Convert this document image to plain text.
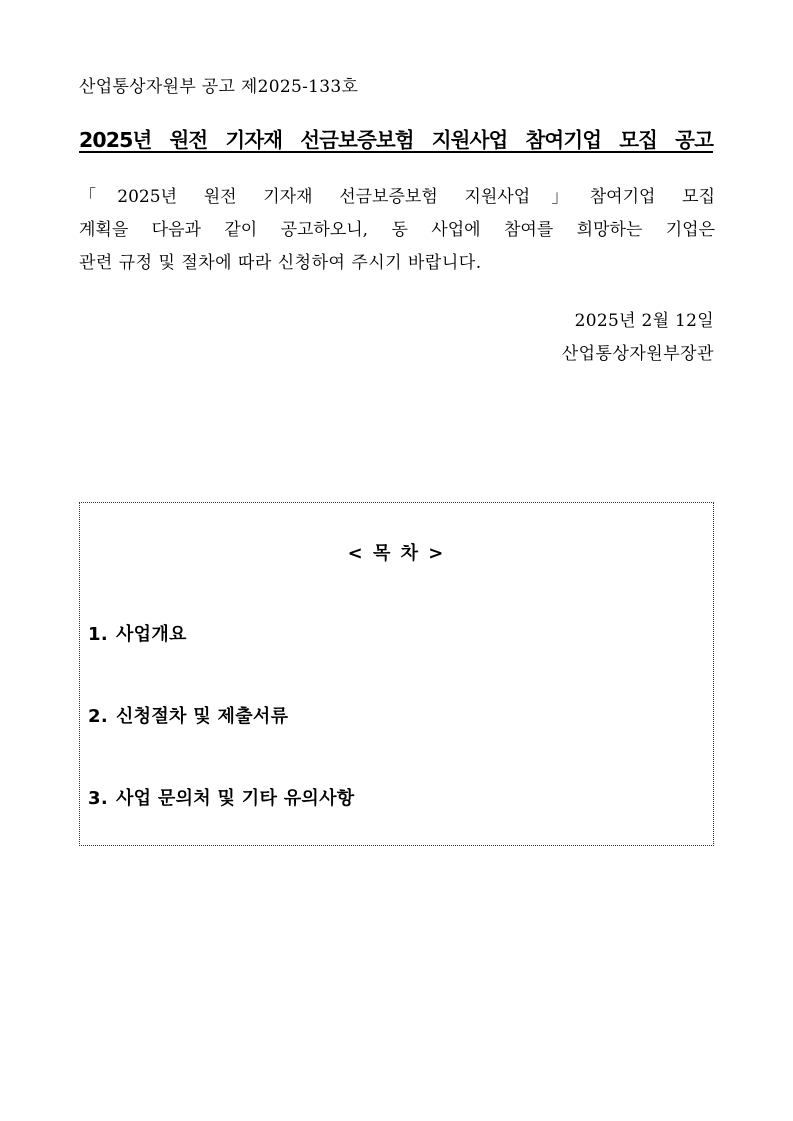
산업통상자원부 공고 제2025-133호
2025년 원전 기자재 선금보증보험 지원사업 참여기업 모집 공고
「2025년 원전 기자재 선금보증보험 지원사업」참여기업 모집
계획을 다음과 같이 공고하오니, 동 사업에 참여를 희망하는 기업은
관련 규정 및 절차에 따라 신청하여 주시기 바랍니다.
2025년 2월 12일
산업통상자원부장관
< 목 차 >
1. 사업개요
2. 신청절차 및 제출서류
3. 사업 문의처 및 기타 유의사항
